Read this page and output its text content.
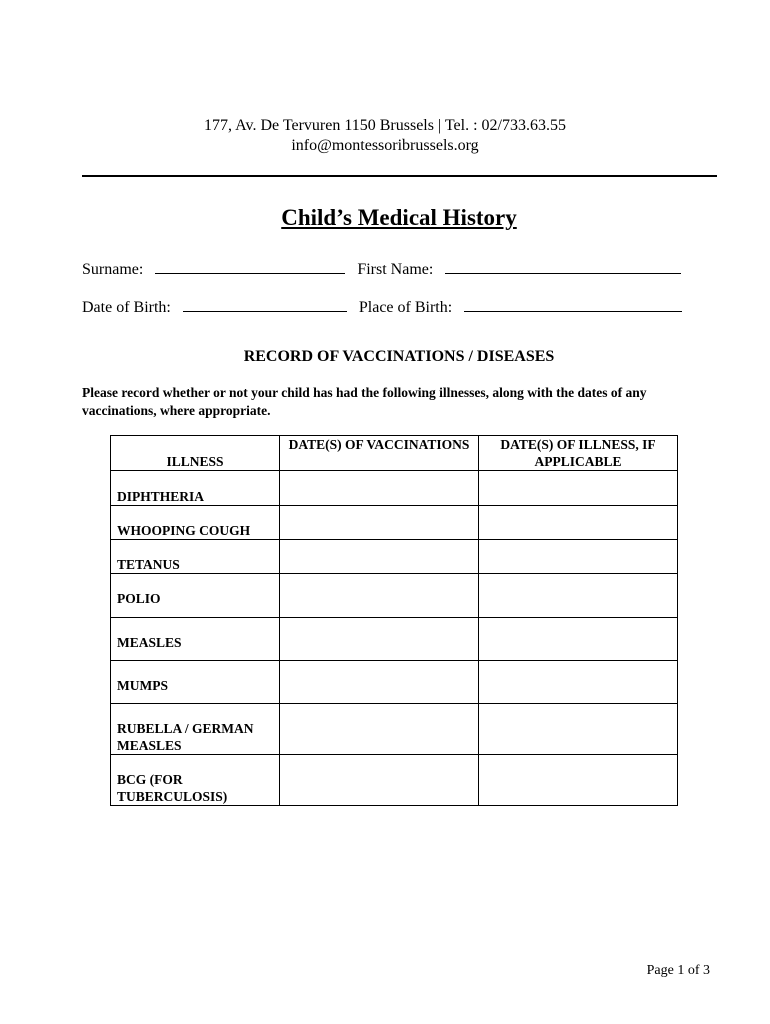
177, Av. De Tervuren 1150 Brussels | Tel. : 02/733.63.55
info@montessoribrussels.org
Child’s Medical History
Surname:	First Name:
Date of Birth:	Place of Birth:
RECORD OF VACCINATIONS / DISEASES
Please record whether or not your child has had the following illnesses, along with the dates of any vaccinations, where appropriate.
ILLNESS	DATE(S) OF VACCINATIONS	DATE(S) OF ILLNESS, IF APPLICABLE
DIPHTHERIA		
WHOOPING COUGH		
TETANUS		
POLIO		
MEASLES		
MUMPS		
RUBELLA / GERMAN MEASLES		
BCG (FOR TUBERCULOSIS)		
Page 1 of 3
